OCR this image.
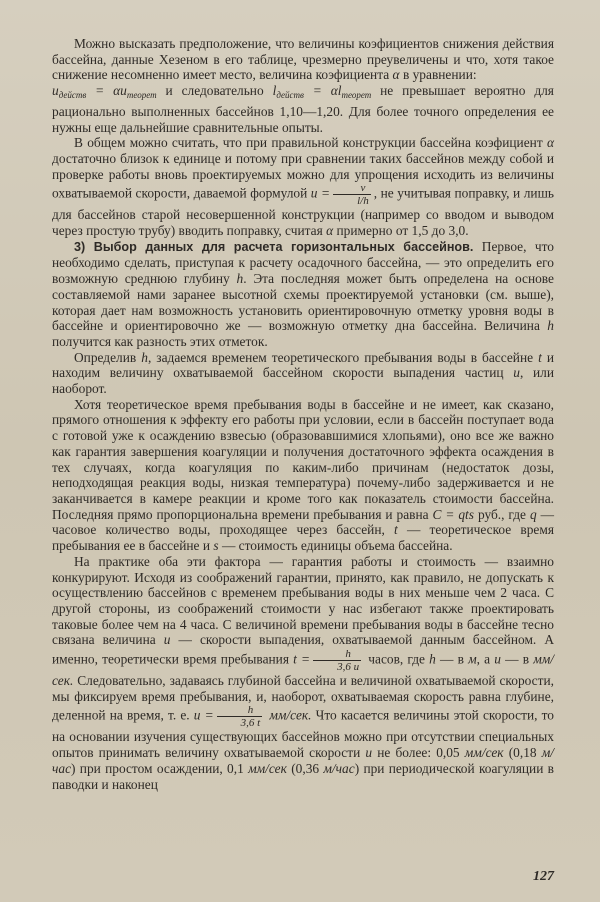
Можно высказать предположение, что величины коэфициентов снижения действия бассейна, данные Хезеном в его таблице, чрезмерно преувеличены и что, хотя такое снижение несомненно имеет место, величина коэфициента α в уравнении:

$u_{действ} = \alpha u_{теорет}$ и следовательно $l_{действ} = \alpha l_{теорет}$ не превышает вероятно для рационально выполненных бассейнов 1,10—1,20. Для более точного определения ее нужны еще дальнейшие сравнительные опыты.

В общем можно считать, что при правильной конструкции бассейна коэфициент α достаточно близок к единице и потому при сравнении таких бассейнов между собой и проверке работы вновь проектируемых можно для упрощения исходить из величины охватываемой скорости, даваемой формулой $u = \frac{v}{l/h}$ , не учитывая поправку, и лишь для бассейнов старой несовершенной конструкции (например со вводом и выводом через простую трубу) вводить поправку, считая α примерно от 1,5 до 3,0.

3) Выбор данных для расчета горизонтальных бассейнов. Первое, что необходимо сделать, приступая к расчету осадочного бассейна, — это определить его возможную среднюю глубину h. Эта последняя может быть определена на основе составляемой нами заранее высотной схемы проектируемой установки (см. выше), которая дает нам возможность установить ориентировочную отметку уровня воды в бассейне и ориентировочно же — возможную отметку дна бассейна. Величина h получится как разность этих отметок.

Определив h, задаемся временем теоретического пребывания воды в бассейне t и находим величину охватываемой бассейном скорости выпадения частиц u, или наоборот.

Хотя теоретическое время пребывания воды в бассейне и не имеет, как сказано, прямого отношения к эффекту его работы при условии, если в бассейн поступает вода с готовой уже к осаждению взвесью (образовавшимися хлопьями), оно все же важно как гарантия завершения коагуляции и получения достаточного эффекта осаждения в тех случаях, когда коагуляция по каким-либо причинам (недостаток дозы, неподходящая реакция воды, низкая температура) почему-либо задерживается и не заканчивается в камере реакции и кроме того как показатель стоимости бассейна. Последняя прямо пропорциональна времени пребывания и равна C = qts руб., где q — часовое количество воды, проходящее через бассейн, t — теоретическое время пребывания ее в бассейне и s — стоимость единицы объема бассейна.

На практике оба эти фактора — гарантия работы и стоимость — взаимно конкурируют. Исходя из соображений гарантии, принято, как правило, не допускать к осуществлению бассейнов с временем пребывания воды в них меньше чем 2 часа. С другой стороны, из соображений стоимости у нас избегают также проектировать таковые более чем на 4 часа. С величиной времени пребывания воды в бассейне тесно связана величина u — скорости выпадения, охватываемой данным бассейном. А именно, теоретически время пребывания $t = \frac{h}{3,6 u}$ часов, где h — в м, а u — в мм/сек. Следовательно, задаваясь глубиной бассейна и величиной охватываемой скорости, мы фиксируем время пребывания, и, наоборот, охватываемая скорость равна глубине, деленной на время, т. е. $u = \frac{h}{3,6 t} мм/сек$. Что касается величины этой скорости, то на основании изучения существующих бассейнов можно при отсутствии специальных опытов принимать величину охватываемой скорости u не более: 0,05 мм/сек (0,18 м/час) при простом осаждении, 0,1 мм/сек (0,36 м/час) при периодической коагуляции в паводки и наконец

127
